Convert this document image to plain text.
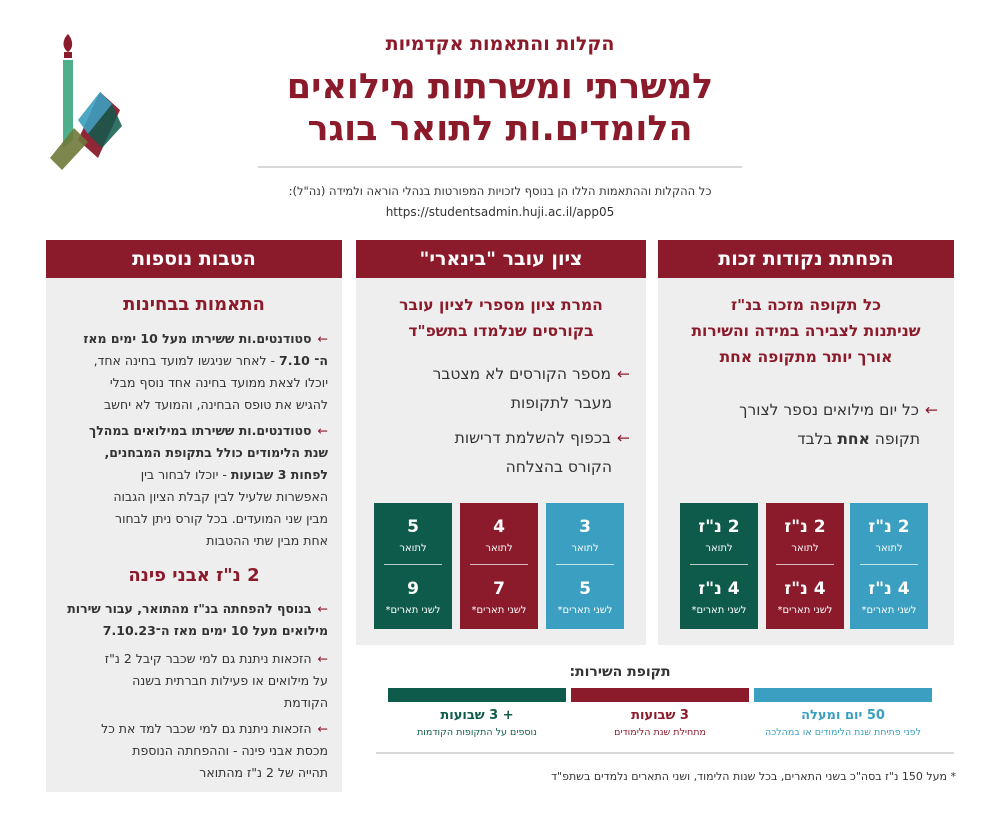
הקלות והתאמות אקדמיות
למשרתי ומשרתות מילואים
הלומדים.ות לתואר בוגר
כל ההקלות וההתאמות הללו הן בנוסף לזכויות המפורטות בנהלי הוראה ולמידה (נה"ל):
https://studentsadmin.huji.ac.il/app05
הפחתת נקודות זכות
כל תקופה מזכה בנ"ז
שניתנות לצבירה במידה והשירות
אורך יותר מתקופה אחת
←כל יום מילואים נספר לצורך
תקופה אחת בלבד
2 נ"ז
לתואר
4 נ"ז
לשני תארים*
2 נ"ז
לתואר
4 נ"ז
לשני תארים*
2 נ"ז
לתואר
4 נ"ז
לשני תארים*
ציון עובר "בינארי"
המרת ציון מספרי לציון עובר
בקורסים שנלמדו בתשפ"ד
←מספר הקורסים לא מצטבר
מעבר לתקופות
←בכפוף להשלמת דרישות
הקורס בהצלחה
3
לתואר
5
לשני תארים*
4
לתואר
7
לשני תארים*
5
לתואר
9
לשני תארים*
הטבות נוספות
התאמות בבחינות
←סטודנטים.ות ששירתו מעל 10 ימים מאז
ה־ 7.10 - לאחר שניגשו למועד בחינה אחד,
יוכלו לצאת ממועד בחינה אחד נוסף מבלי
להגיש את טופס הבחינה, והמועד לא יחשב
←סטודנטים.ות ששירתו במילואים במהלך
שנת הלימודים כולל בתקופת המבחנים,
לפחות 3 שבועות - יוכלו לבחור בין
האפשרות שלעיל לבין קבלת הציון הגבוה
מבין שני המועדים. בכל קורס ניתן לבחור
אחת מבין שתי ההטבות
2 נ"ז אבני פינה
←בנוסף להפחתה בנ"ז מהתואר, עבור שירות
מילואים מעל 10 ימים מאז ה־7.10.23
←הזכאות ניתנת גם למי שכבר קיבל 2 נ"ז
על מילואים או פעילות חברתית בשנה
הקודמת
←הזכאות ניתנת גם למי שכבר למד את כל
מכסת אבני פינה - וההפחתה הנוספת
תהייה של 2 נ"ז מהתואר
תקופת השירות:
50 יום ומעלה
לפני פתיחת שנת הלימודים או במהלכה
3 שבועות
מתחילת שנת הלימודים
+ 3 שבועות
נוספים על התקופות הקודמות
* מעל 150 נ"ז בסה"כ בשני התארים, בכל שנות הלימוד, ושני התארים נלמדים בשתפ"ד
